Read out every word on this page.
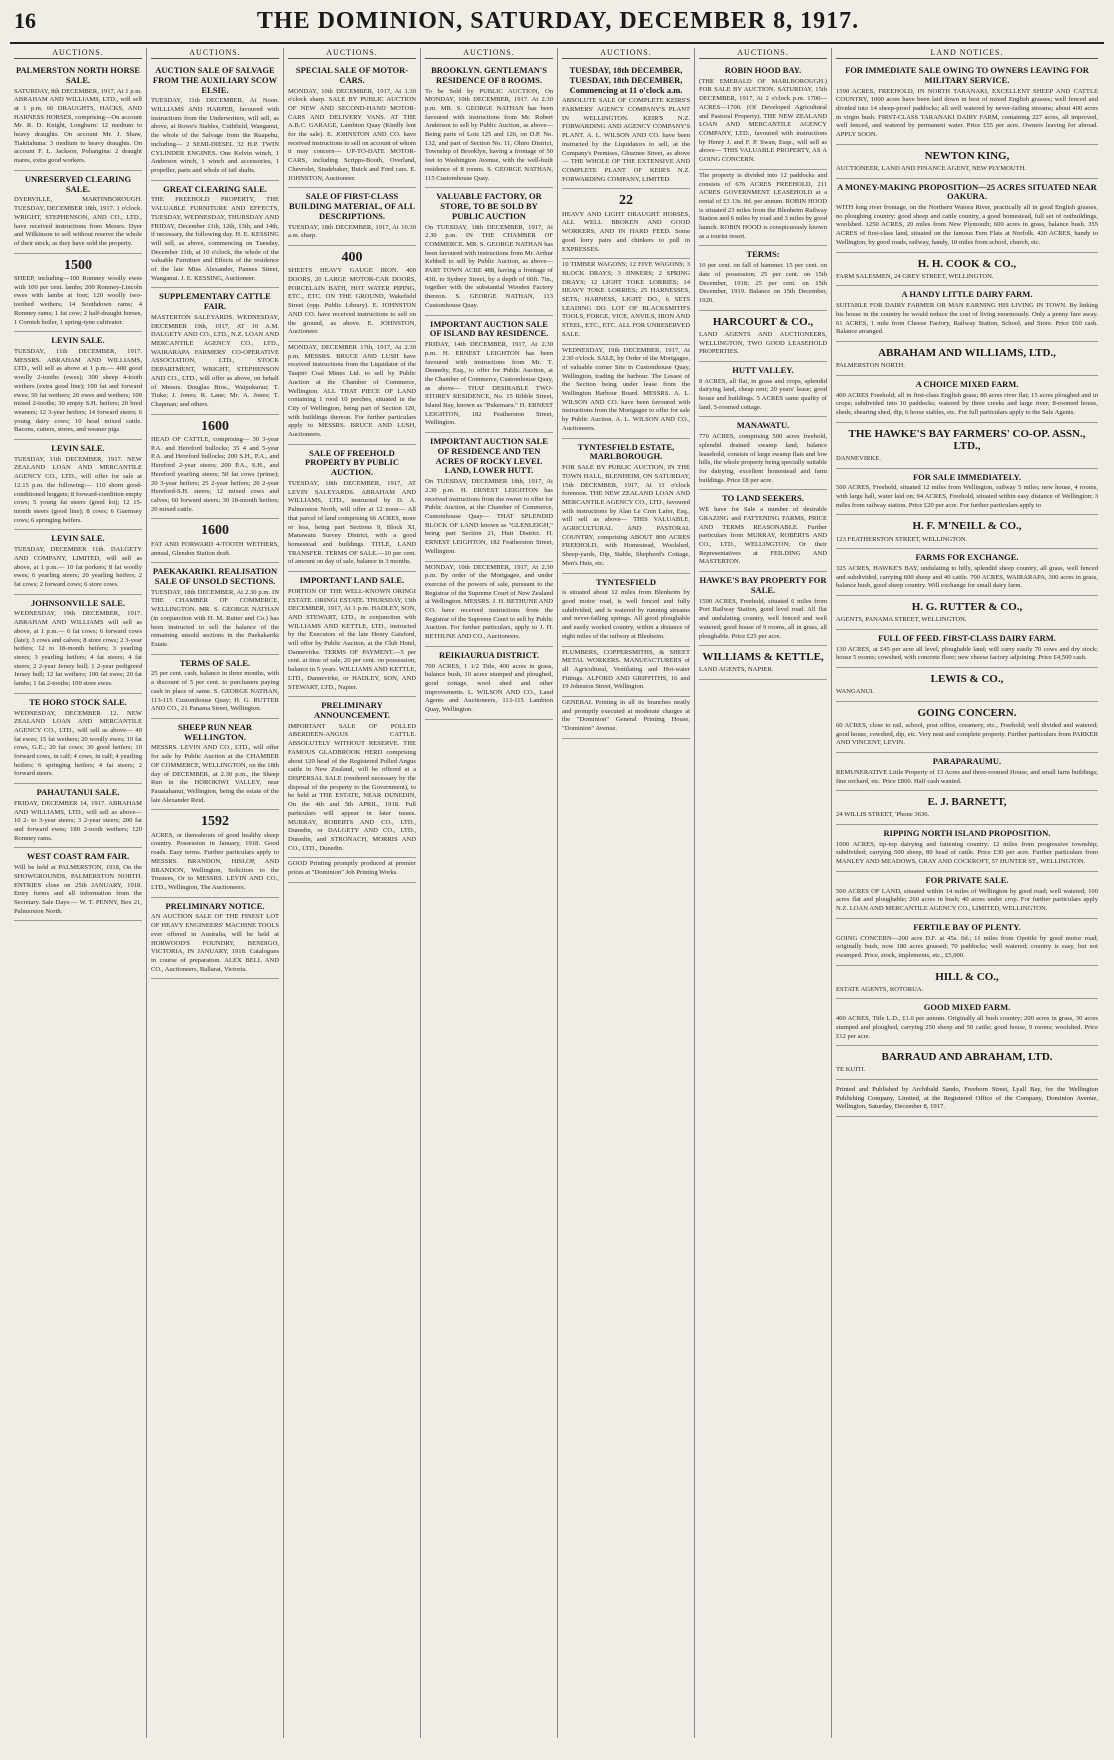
16	THE DOMINION, SATURDAY, DECEMBER 8, 1917.
AUCTIONS.
PALMERSTON NORTH HORSE SALE.
SATURDAY, 8th DECEMBER, 1917, At 1 p.m. ABRAHAM AND WILLIAMS, LTD., will sell at 1 p.m. 60 DRAUGHTS, HACKS, AND HARNESS HORSES, comprising—On account Mr. R. D. Knight, Longburn: 12 medium to heavy draughts. On account Mr. J. Shaw, Tiakitahuna: 3 medium to heavy draughts. On account F. L. Jackson, Pohangina: 2 draught mares, extra good workers.
UNRESERVED CLEARING SALE.
DYERVILLE, MARTINBOROUGH. TUESDAY, DECEMBER 18th, 1917. 1 o'clock. WRIGHT, STEPHENSON, AND CO., LTD., have received instructions from Messrs. Dyer and Wilkinson to sell without reserve the whole of their stock, as they have sold the property.
1500
SHEEP, including—100 Romney woolly ewes with 100 per cent. lambs; 200 Romney-Lincoln ewes with lambs at foot; 120 woolly two-toothed wethers; 14 Southdown rams; 4 Romney rams; 1 fat cow; 2 half-draught horses, 1 Cornish boiler, 1 spring-tyne cultivator.
LEVIN SALE.
TUESDAY, 11th DECEMBER, 1917. MESSRS. ABRAHAM AND WILLIAMS, LTD., will sell as above at 1 p.m.— 400 good woolly 2-tooths (ewes); 300 sheep 4-tooth wethers (extra good line); 100 fat and forward ewes; 50 fat wethers; 20 ewes and wethers; 100 mixed 2-tooths; 30 empty S.H. heifers; 20 bred weaners; 12 3-year heifers; 14 forward steers; 6 young dairy cows; 10 head mixed cattle. Bacons, cutters, stores, and weaner pigs.
LEVIN SALE.
TUESDAY, 11th DECEMBER, 1917. NEW ZEALAND LOAN AND MERCANTILE AGENCY CO., LTD., will offer for sale at 12.15 p.m. the following:— 110 shorn good-conditioned hoggets; 8 forward-condition empty cows; 5 young fat steers (good lot); 12 15-month steers (good line); 8 cows; 6 Guernsey cows; 6 springing heifers.
LEVIN SALE.
TUESDAY, DECEMBER 11th. DALGETY AND COMPANY, LIMITED, will sell as above, at 1 p.m.— 10 fat porkers; 8 fat woolly ewes; 6 yearling steers; 20 yearling heifers; 2 fat cows; 2 forward cows; 6 store cows.
JOHNSONVILLE SALE.
WEDNESDAY, 19th DECEMBER, 1917. ABRAHAM AND WILLIAMS will sell as above, at 1 p.m.— 6 fat cows; 6 forward cows (late); 3 cows and calves; 8 store cows; 2 3-year heifers; 12 to 18-month heifers; 3 yearling steers; 3 yearling heifers; 4 fat steers; 4 fat steers; 2 2-year Jersey bull; 1 2-year pedigreed Jersey bull; 12 fat wethers; 100 fat ewes; 20 fat lambs; 1 fat 2-tooths; 100 store ewes.
TE HORO STOCK SALE.
WEDNESDAY, DECEMBER 12. NEW ZEALAND LOAN AND MERCANTILE AGENCY CO., LTD., will sell as above— 40 fat ewes; 15 fat wethers; 20 woolly ewes; 10 fat cows, G.E.; 20 fat cows; 30 good heifers; 10 forward cows, in calf; 4 cows, in calf; 4 yearling heifers; 6 springing heifers; 4 fat steers; 2 forward steers.
PAHAUTANUI SALE.
FRIDAY, DECEMBER 14, 1917. ABRAHAM AND WILLIAMS, LTD., will sell as above— 10 2- to 3-year steers; 3 2-year steers; 200 fat and forward ewes; 180 2-tooth wethers; 120 Romney rams.
WEST COAST RAM FAIR.
Will be held at PALMERSTON, 1918, On the SHOWGROUNDS, PALMERSTON NORTH. ENTRIES close on 25th JANUARY, 1918. Entry forms and all information from the Secretary. Sale Days:— W. T. PENNY, Box 21, Palmerston North.
AUCTIONS.
AUCTION SALE OF SALVAGE FROM THE AUXILIARY SCOW ELSIE.
TUESDAY, 11th DECEMBER, At Noon. WILLIAMS AND HARPER, favoured with instructions from the Underwriters, will sell, as above, at Rowe's Stables, Cuthfield, Wanganui, the whole of the Salvage from the Ruapehu, including— 2 SEMI-DIESEL 32 H.P. TWIN CYLINDER ENGINES. One Kelvin winch, 1 Anderson winch, 1 winch and accessories, 1 propeller, parts and whole of tail shafts.
GREAT CLEARING SALE.
THE FREEHOLD PROPERTY, THE VALUABLE FURNITURE AND EFFECTS, TUESDAY, WEDNESDAY, THURSDAY AND FRIDAY, December 11th, 12th, 13th, and 14th, if necessary, the following day. H. E. KESSING will sell, as above, commencing on Tuesday, December 11th, at 10 o'clock, the whole of the valuable Furniture and Effects of the residence of the late Miss Alexander, Pannes Street, Wanganui. J. E. KESSING, Auctioneer.
SUPPLEMENTARY CATTLE FAIR.
MASTERTON SALEYARDS. WEDNESDAY, DECEMBER 19th, 1917, AT 10 A.M. DALGETY AND CO., LTD., N.Z. LOAN AND MERCANTILE AGENCY CO., LTD., WAIRARAPA FARMERS' CO-OPERATIVE ASSOCIATION, LTD., STOCK DEPARTMENT, WRIGHT, STEPHENSON AND CO., LTD., will offer as above, on behalf of Messrs. Douglas Bros., Waipukurau; T. Tiuke; J. Jones; R. Lane; Mr. A. Jones; T. Chapman; and others.
1600
HEAD OF CATTLE, comprising— 30 3-year P.A. and Hereford bullocks; 35 4 and 5-year P.A. and Hereford bullocks; 200 S.H., P.A., and Hereford 2-year steers; 200 P.A., S.H., and Hereford yearling steers; 50 fat cows (prime); 20 3-year heifers; 25 2-year heifers; 20 2-year Hereford-S.H. steers; 12 mixed cows and calves; 60 forward steers; 30 18-month heifers; 20 mixed cattle.
1600
FAT AND FORWARD 4-TOOTH WETHERS, annual, Glendon Station draft.
PAEKAKARIKI. REALISATION SALE OF UNSOLD SECTIONS.
TUESDAY, 18th DECEMBER, At 2.30 p.m. IN THE CHAMBER OF COMMERCE, WELLINGTON. MR. S. GEORGE NATHAN (in conjunction with H. M. Rutter and Co.) has been instructed to sell the balance of the remaining unsold sections in the Paekakariki Estate.
TERMS OF SALE.
25 per cent. cash, balance in three months, with a discount of 5 per cent. to purchasers paying cash in place of same. S. GEORGE NATHAN, 113-115 Customhouse Quay; H. G. RUTTER AND CO., 21 Panama Street, Wellington.
SHEEP RUN NEAR WELLINGTON.
MESSRS. LEVIN AND CO., LTD., will offer for sale by Public Auction at the CHAMBER OF COMMERCE, WELLINGTON, on the 18th day of DECEMBER, at 2.30 p.m., the Sheep Run in the HOROKIWI VALLEY, near Pauatahanui, Wellington, being the estate of the late Alexander Reid.
1592
ACRES, or thereabouts of good healthy sheep country. Possession in January, 1918. Good roads. Easy terms. Further particulars apply to MESSRS. BRANDON, HISLOP, AND BRANDON, Wellington, Solicitors to the Trustees, Or to MESSRS. LEVIN AND CO., LTD., Wellington, The Auctioneers.
PRELIMINARY NOTICE.
AN AUCTION SALE OF THE FINEST LOT OF HEAVY ENGINEERS' MACHINE TOOLS ever offered in Australia, will be held at HORWOOD'S FOUNDRY, BENDIGO, VICTORIA, IN JANUARY, 1918. Catalogues in course of preparation. ALEX BELL AND CO., Auctioneers, Ballarat, Victoria.
AUCTIONS.
SPECIAL SALE OF MOTOR-CARS.
MONDAY, 10th DECEMBER, 1917, At 1.30 o'clock sharp. SALE BY PUBLIC AUCTION OF NEW AND SECOND-HAND MOTOR-CARS AND DELIVERY VANS. AT THE A.B.C. GARAGE, Lambton Quay (Kindly lent for the sale). E. JOHNSTON AND CO. have received instructions to sell on account of whom it may concern— UP-TO-DATE MOTOR-CARS, including Scripps-Booth, Overland, Chevrolet, Studebaker, Buick and Ford cars. E. JOHNSTON, Auctioneer.
SALE OF FIRST-CLASS BUILDING MATERIAL, OF ALL DESCRIPTIONS.
TUESDAY, 18th DECEMBER, 1917, At 10.30 a.m. sharp.
400
SHEETS HEAVY GAUGE IRON. 400 DOORS, 20 LARGE MOTOR-CAR DOORS, PORCELAIN BATH, HOT WATER PIPING, ETC., ETC. ON THE GROUND, Wakefield Street (opp. Public Library). E. JOHNSTON AND CO. have received instructions to sell on the ground, as above. E. JOHNSTON, Auctioneer.
MONDAY, DECEMBER 17th, 1917, At 2.30 p.m. MESSRS. BRUCE AND LUSH have received instructions from the Liquidator of the Taupiri Coal Mines Ltd. to sell by Public Auction at the Chamber of Commerce, Wellington. ALL THAT PIECE OF LAND containing 1 rood 10 perches, situated in the City of Wellington, being part of Section 120, with buildings thereon. For further particulars apply to MESSRS. BRUCE AND LUSH, Auctioneers.
SALE OF FREEHOLD PROPERTY BY PUBLIC AUCTION.
TUESDAY, 18th DECEMBER, 1917, AT LEVIN SALEYARDS. ABRAHAM AND WILLIAMS, LTD., instructed by D. A. Palmerston North, will offer at 12 noon— All that parcel of land comprising 66 ACRES, more or less, being part Sections 9, Block XI, Manawatu Survey District, with a good homestead and buildings. TITLE, LAND TRANSFER. TERMS OF SALE.—10 per cent. of amount on day of sale, balance in 3 months.
IMPORTANT LAND SALE.
PORTION OF THE WELL-KNOWN ORINGI ESTATE. ORINGI ESTATE. THURSDAY, 13th DECEMBER, 1917, At 1 p.m. HADLEY, SON, AND STEWART, LTD., in conjunction with WILLIAMS AND KETTLE, LTD., instructed by the Executors of the late Henry Gaisford, will offer by Public Auction, at the Club Hotel, Dannevirke. TERMS OF PAYMENT.—5 per cent. at time of sale, 20 per cent. on possession; balance in 5 years. WILLIAMS AND KETTLE, LTD., Dannevirke, or HADLEY, SON, AND STEWART, LTD., Napier.
PRELIMINARY ANNOUNCEMENT.
IMPORTANT SALE OF POLLED ABERDEEN-ANGUS CATTLE. ABSOLUTELY WITHOUT RESERVE. THE FAMOUS GLADBROOK HERD comprising about 120 head of the Registered Polled Angus cattle in New Zealand, will be offered at a DISPERSAL SALE (rendered necessary by the disposal of the property to the Government), to be held at THE ESTATE, NEAR DUNEDIN, On the 4th and 5th APRIL, 1918. Full particulars will appear in later issues. MURRAY, ROBERTS AND CO., LTD., Dunedin, or DALGETY AND CO., LTD., Dunedin, and STRONACH, MORRIS AND CO., LTD., Dunedin.
GOOD Printing promptly produced at premier prices at "Dominion" Job Printing Works.
AUCTIONS.
BROOKLYN. GENTLEMAN'S RESIDENCE OF 8 ROOMS.
To be Sold by PUBLIC AUCTION, On MONDAY, 10th DECEMBER, 1917. At 2.30 p.m. MR. S. GEORGE NATHAN has been favoured with instructions from Mr. Robert Anderson to sell by Public Auction, as above— Being parts of Lots 125 and 126, on D.P. No. 132, and part of Section No. 11, Ohiro District, Township of Brooklyn, having a frontage of 50 feet to Washington Avenue, with the well-built residence of 8 rooms. S. GEORGE NATHAN, 115 Customhouse Quay.
VALUABLE FACTORY, OR STORE, TO BE SOLD BY PUBLIC AUCTION
On TUESDAY, 18th DECEMBER, 1917, At 2.30 p.m. IN THE CHAMBER OF COMMERCE. MR. S. GEORGE NATHAN has been favoured with instructions from Mr. Arthur Kebbell to sell by Public Auction, as above— PART TOWN ACRE 488, having a frontage of 43ft. to Sydney Street, by a depth of 60ft. 7in., together with the substantial Wooden Factory thereon. S. GEORGE NATHAN, 113 Customhouse Quay.
IMPORTANT AUCTION SALE OF ISLAND BAY RESIDENCE.
FRIDAY, 14th DECEMBER, 1917, At 2.30 p.m. H. ERNEST LEIGHTON has been favoured with instructions from Mr. T. Dennehy, Esq., to offer for Public Auction, at the Chamber of Commerce, Customhouse Quay, as above— THAT DESIRABLE TWO-STOREY RESIDENCE, No. 15 Ribble Street, Island Bay, known as "Pukemaru." H. ERNEST LEIGHTON, 182 Featherston Street, Wellington.
IMPORTANT AUCTION SALE OF RESIDENCE AND TEN ACRES OF ROCKY LEVEL LAND, LOWER HUTT.
On TUESDAY, DECEMBER 18th, 1917, At 2.30 p.m. H. ERNEST LEIGHTON has received instructions from the owner to offer for Public Auction, at the Chamber of Commerce, Customhouse Quay— THAT SPLENDID BLOCK OF LAND known as "GLENLEIGH," being part Section 21, Hutt District. H. ERNEST LEIGHTON, 182 Featherston Street, Wellington.
MONDAY, 10th DECEMBER, 1917, At 2.30 p.m. By order of the Mortgagee, and under exercise of the powers of sale, pursuant to the Registrar of the Supreme Court of New Zealand at Wellington. MESSRS. J. H. BETHUNE AND CO. have received instructions from the Registrar of the Supreme Court to sell by Public Auction. For further particulars, apply to J. H. BETHUNE AND CO., Auctioneers.
REIKIAURUA DISTRICT.
700 ACRES, 1 1/2 Title, 400 acres in grass, balance bush, 10 acres stumped and ploughed, good cottage, wool shed and other improvements. L. WILSON AND CO., Land Agents and Auctioneers, 113-115 Lambton Quay, Wellington.
AUCTIONS.
TUESDAY, 18th DECEMBER, TUESDAY, 18th DECEMBER, Commencing at 11 o'clock a.m.
ABSOLUTE SALE OF COMPLETE KEIRS'S FARMERS' AGENCY COMPANY'S PLANT IN WELLINGTON. KEIR'S N.Z. FORWARDING AND AGENCY COMPANY'S PLANT. A. L. WILSON AND CO. have been instructed by the Liquidators to sell, at the Company's Premises, Ghuznee Street, as above— THE WHOLE OF THE EXTENSIVE AND COMPLETE PLANT OF KEIR'S N.Z. FORWARDING COMPANY, LIMITED.
22
HEAVY AND LIGHT DRAUGHT HORSES, ALL WELL BROKEN AND GOOD WORKERS, AND IN HARD FEED. Some good lorry pairs and chinkers to pull in EXPRESSES.
10 TIMBER WAGONS; 12 FIVE WAGONS; 3 BLOCK DRAYS; 3 JINKERS; 2 SPRING DRAYS; 12 LIGHT TOKE LORRIES; 14 HEAVY TOKE LORRIES; 25 HARNESSES, SETS; HARNESS, LIGHT DO., 6 SETS LEADING DO. LOT OF BLACKSMITH'S TOOLS, FORGE, VICE, ANVILS, IRON AND STEEL, ETC., ETC. ALL FOR UNRESERVED SALE.
WEDNESDAY, 19th DECEMBER, 1917, At 2.30 o'clock. SALE, by Order of the Mortgagee, of valuable corner Site in Customhouse Quay, Wellington, trading the harbour. The Lessee of the Section being under lease from the Wellington Harbour Board. MESSRS. A. L. WILSON AND CO. have been favoured with instructions from the Mortgagee to offer for sale by Public Auction. A. L. WILSON AND CO., Auctioneers.
TYNTESFIELD ESTATE, MARLBOROUGH.
FOR SALE BY PUBLIC AUCTION, IN THE TOWN HALL, BLENHEIM, ON SATURDAY, 15th DECEMBER, 1917, At 11 o'clock forenoon. THE NEW ZEALAND LOAN AND MERCANTILE AGENCY CO., LTD., favoured with instructions by Alan Le Cren Lafer, Esq., will sell as above— THIS VALUABLE, AGRICULTURAL AND PASTORAL COUNTRY, comprising ABOUT 800 ACRES FREEHOLD, with Homestead, Woolshed, Sheep-yards, Dip, Stable, Shepherd's Cottage, Men's Huts, etc.
TYNTESFIELD
is situated about 12 miles from Blenheim by good motor road, is well fenced and fully subdivided, and is watered by running streams and never-failing springs. All good ploughable and easily worked country, within a distance of eight miles of the railway at Blenheim.
PLUMBERS, COPPERSMITHS, & SHEET METAL WORKERS. MANUFACTURERS of all Agricultural, Ventilating and Hot-water Fittings. ALFORD AND GRIFFITHS, 16 and 19 Johnston Street, Wellington.
GENERAL Printing in all its branches neatly and promptly executed at moderate charges at the "Dominion" General Printing House, "Dominion" Avenue.
AUCTIONS.
ROBIN HOOD BAY.
(THE EMERALD OF MARLBOROUGH.) FOR SALE BY AUCTION. SATURDAY, 15th DECEMBER, 1917, At 2 o'clock p.m. 1700—ACRES—1700. (Of Developed Agricultural and Pastoral Property). THE NEW ZEALAND LOAN AND MERCANTILE AGENCY COMPANY, LTD., favoured with instructions by Henry J. and F. P. Swan, Esqs., will sell as above— THIS VALUABLE PROPERTY, AS A GOING CONCERN.
The property is divided into 12 paddocks and consists of 676 ACRES FREEHOLD, 211 ACRES GOVERNMENT LEASEHOLD at a rental of £3 13s. 8d. per annum. ROBIN HOOD is situated 23 miles from the Blenheim Railway Station and 6 miles by road and 3 miles by good launch. ROBIN HOOD is conspicuously known as a tourist resort.
TERMS:
10 per cent. on fall of hammer. 15 per cent. on date of possession; 25 per cent. on 15th December, 1918; 25 per cent. on 15th December, 1919. Balance on 15th December, 1920.
HARCOURT & CO.,
LAND AGENTS AND AUCTIONEERS, WELLINGTON, TWO GOOD LEASEHOLD PROPERTIES.
HUTT VALLEY.
8 ACRES, all flat, in grass and crops, splendid dairying land, cheap rent; 20 years' lease; good house and buildings. 5 ACRES same quality of land, 5-roomed cottage.
MANAWATU.
770 ACRES, comprising 500 acres freehold, splendid drained swamp land, balance leasehold, consists of large swamp flats and low hills, the whole property being specially suitable for dairying, excellent homestead and farm buildings. Price £8 per acre.
TO LAND SEEKERS.
WE have for Sale a number of desirable GRAZING and FATTENING FARMS, PRICE AND TERMS REASONABLE. Further particulars from MURRAY, ROBERTS AND CO., LTD., WELLINGTON; Or their Representatives at FEILDING AND MASTERTON.
HAWKE'S BAY PROPERTY FOR SALE.
1500 ACRES, Freehold, situated 6 miles from Port Railway Station, good level road. All flat and undulating country, well fenced and well watered; good house of 9 rooms, all in grass, all ploughable. Price £25 per acre.
WILLIAMS & KETTLE,
LAND AGENTS, NAPIER.
LAND NOTICES.
FOR IMMEDIATE SALE OWING TO OWNERS LEAVING FOR MILITARY SERVICE.
1590 ACRES, FREEHOLD, IN NORTH TARANAKI, EXCELLENT SHEEP AND CATTLE COUNTRY, 1000 acres have been laid down in best of mixed English grasses; well fenced and divided into 14 sheep-proof paddocks; all well watered by never-failing streams; about 400 acres in virgin bush. FIRST-CLASS TARANAKI DAIRY FARM, containing 227 acres, all improved, well fenced, and watered by permanent water. Price £55 per acre. Owners leaving for abroad. APPLY SOON.
NEWTON KING,
AUCTIONEER, LAND AND FINANCE AGENT, NEW PLYMOUTH.
A MONEY-MAKING PROPOSITION—25 ACRES SITUATED NEAR OAKURA.
WITH long river frontage, on the Northern Waiora River, practically all in good English grasses, no ploughing country: good sheep and cattle country, a good homestead, full set of outbuildings, woolshed. 1250 ACRES, 20 miles from New Plymouth; 600 acres in grass, balance bush. 355 ACRES of first-class land, situated on the famous Fern Flats at Norfolk. 420 ACRES, handy to Wellington, by good roads, railway, handy, 10 miles from school, church, etc.
H. H. COOK & CO.,
FARM SALESMEN, 24 GREY STREET, WELLINGTON.
A HANDY LITTLE DAIRY FARM.
SUITABLE FOR DAIRY FARMER OR MAN EARNING HIS LIVING IN TOWN. By linking his house in the country he would reduce the cost of living enormously. Only a penny fare away. 61 ACRES, 1 mile from Cheese Factory, Railway Station, School, and Store. Price £60 cash. Balance arranged.
ABRAHAM AND WILLIAMS, LTD.,
PALMERSTON NORTH.
A CHOICE MIXED FARM.
400 ACRES Freehold; all in first-class English grass; 80 acres river flat; 15 acres ploughed and in crops; subdivided into 10 paddocks; watered by three creeks and large river; 8-roomed house, sheds, shearing shed, dip, 6 horse stables, etc. For full particulars apply to the Sale Agents.
THE HAWKE'S BAY FARMERS' CO-OP. ASSN., LTD.,
DANNEVIRKE.
FOR SALE IMMEDIATELY.
500 ACRES, Freehold, situated 12 miles from Wellington, railway 5 miles; new house, 4 rooms, with large hall, water laid on; 94 ACRES, Freehold, situated within easy distance of Wellington; 3 miles from railway station. Price £20 per acre. For further particulars apply to
H. F. M'NEILL & CO.,
123 FEATHERSTON STREET, WELLINGTON.
FARMS FOR EXCHANGE.
325 ACRES, HAWKE'S BAY, undulating to hilly, splendid sheep country, all grass, well fenced and subdivided, carrying 600 sheep and 40 cattle. 700 ACRES, WAIRARAPA, 300 acres in grass, balance bush, good sheep country. Will exchange for small dairy farm.
H. G. RUTTER & CO.,
AGENTS, PANAMA STREET, WELLINGTON.
FULL OF FEED. FIRST-CLASS DAIRY FARM.
130 ACRES, at £45 per acre all level, ploughable land; will carry easily 70 cows and dry stock; house 5 rooms; cowshed, with concrete floor; new cheese factory adjoining. Price £4,500 cash.
LEWIS & CO.,
WANGANUI.
GOING CONCERN.
60 ACRES, close to rail, school, post office, creamery, etc., Freehold; well divided and watered; good house, cowshed, dip, etc. Very neat and complete property. Further particulars from PARKER AND VINCENT, LEVIN.
PARAPARAUMU.
REMUNERATIVE Little Property of 13 Acres and three-roomed House, and small farm buildings; fine orchard, etc. Price £800. Half cash wanted.
E. J. BARNETT,
24 WILLIS STREET, 'Phone 3636.
RIPPING NORTH ISLAND PROPOSITION.
1000 ACRES, tip-top dairying and fattening country; 12 miles from progressive township; subdivided; carrying 500 sheep, 80 head of cattle. Price £30 per acre. Further particulars from MANLEY AND MEADOWS, GRAY AND COCKROFT, 57 HUNTER ST., WELLINGTON.
FOR PRIVATE SALE.
500 ACRES OF LAND, situated within 14 miles of Wellington by good road; well watered; 100 acres flat and ploughable; 260 acres in bush; 40 acres under crop. For further particulars apply N.Z. LOAN AND MERCANTILE AGENCY CO., LIMITED, WELLINGTON.
FERTILE BAY OF PLENTY.
GOING CONCERN—200 acre D.F. at 45s. 6d.; 11 miles from Opotiki by good motor road; originally bush, now 180 acres grassed; 70 paddocks; well watered; country is easy, but not swamped. Price, stock, implements, etc., £5,000.
HILL & CO.,
ESTATE AGENTS, ROTORUA.
GOOD MIXED FARM.
400 ACRES, Title L.D., £1.0 per annum. Originally all bush country; 200 acres in grass, 30 acres stumped and ploughed, carrying 250 sheep and 50 cattle; good house, 9 rooms; woolshed. Price £12 per acre.
BARRAUD AND ABRAHAM, LTD.
TE KUITI.
Printed and Published by Archibald Sando, Freeborn Street, Lyall Bay, for the Wellington Publishing Company, Limited, at the Registered Office of the Company, Dominion Avenue, Wellington, Saturday, December 8, 1917.
